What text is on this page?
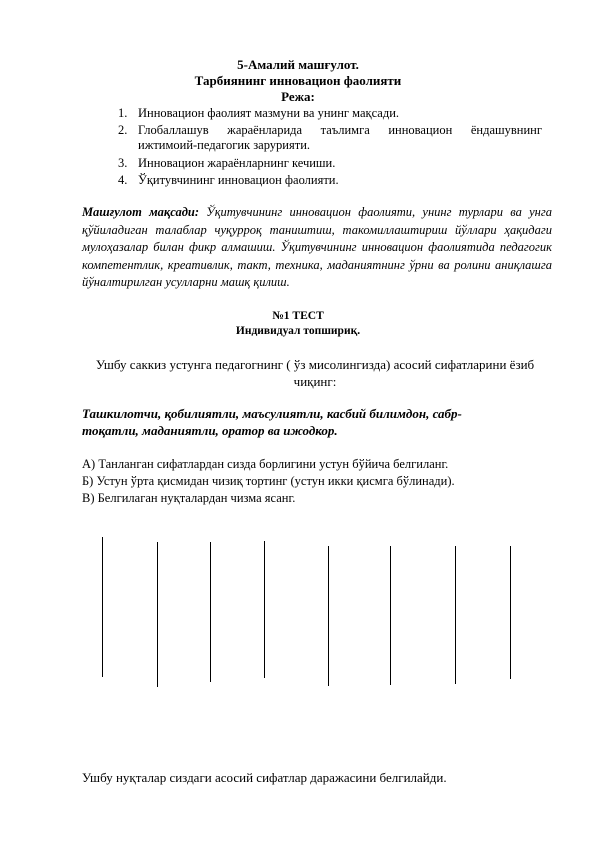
5-Амалий машғулот.
Тарбиянинг инновацион фаолияти
Режа:
1. Инновацион фаолият мазмуни ва унинг мақсади.
2. Глобаллашув жараёнларида таълимга инновацион ёндашувнинг ижтимоий-педагогик зарурияти.
3. Инновацион жараёнларнинг кечиши.
4. Ўқитувчининг инновацион фаолияти.
Машғулот мақсади: Ўқитувчининг инновацион фаолияти, унинг турлари ва унга қўйиладиган талаблар чуқурроқ таништиш, такомиллаштириш йўллари ҳақидаги мулоҳазалар билан фикр алмашиш. Ўқитувчининг инновацион фаолиятида педагогик компетентлик, креативлик, такт, техника, маданиятнинг ўрни ва ролини аниқлашга йўналтирилган усулларни машқ қилиш.
№1 ТЕСТ
Индивидуал топшириқ.
Ушбу саккиз устунга педагогнинг ( ўз мисолингизда) асосий сифатларини ёзиб чиқинг:
Ташкилотчи, қобилиятли, маъсулиятли, касбий билимдон, сабр-
тоқатли, маданиятли, оратор ва ижодкор.
А) Танланган сифатлардан сизда борлигини устун бўйича белгиланг.
Б) Устун ўрта қисмидан чизиқ тортинг (устун икки қисмга бўлинади).
В) Белгилаган нуқталардан чизма ясанг.
Ушбу нуқталар сиздаги асосий сифатлар даражасини белгилайди.
